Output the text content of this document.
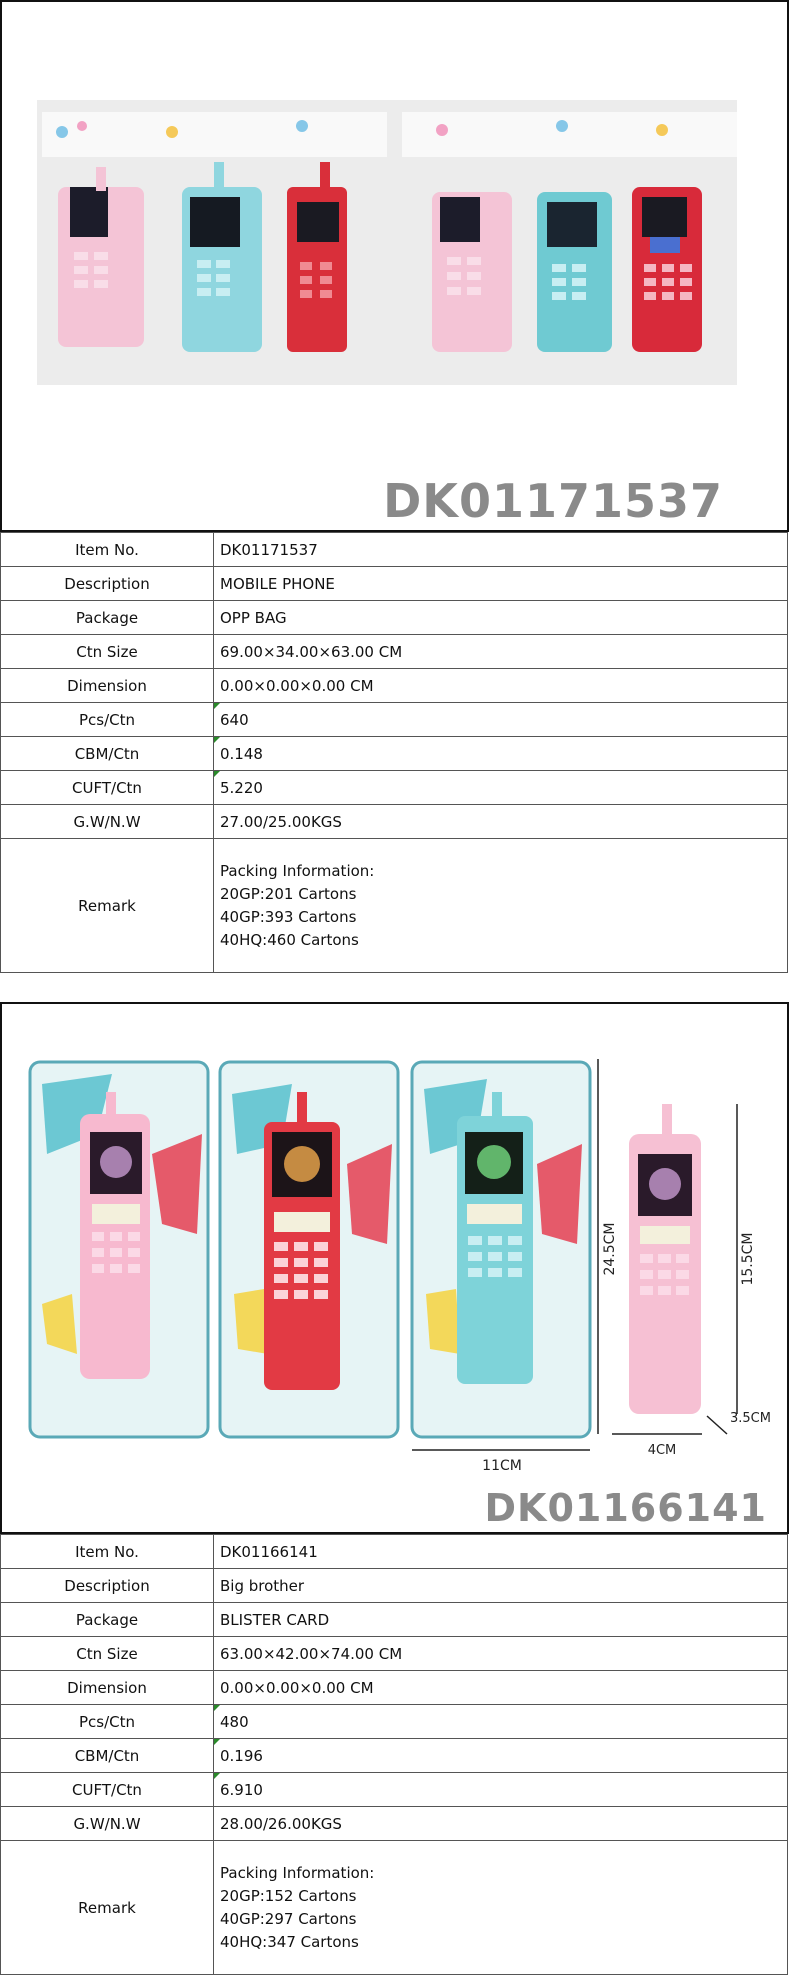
DK01171537
Item No.	DK01171537
Description	MOBILE PHONE
Package	OPP BAG
Ctn Size	69.00×34.00×63.00 CM
Dimension	0.00×0.00×0.00 CM
Pcs/Ctn	640
CBM/Ctn	0.148
CUFT/Ctn	5.220
G.W/N.W	27.00/25.00KGS
Remark	Packing Information:
20GP:201 Cartons
40GP:393 Cartons
40HQ:460 Cartons
24.5CM
11CM
15.5CM
4CM
3.5CM
DK01166141
Item No.	DK01166141
Description	Big brother
Package	BLISTER CARD
Ctn Size	63.00×42.00×74.00 CM
Dimension	0.00×0.00×0.00 CM
Pcs/Ctn	480
CBM/Ctn	0.196
CUFT/Ctn	6.910
G.W/N.W	28.00/26.00KGS
Remark	Packing Information:
20GP:152 Cartons
40GP:297 Cartons
40HQ:347 Cartons
